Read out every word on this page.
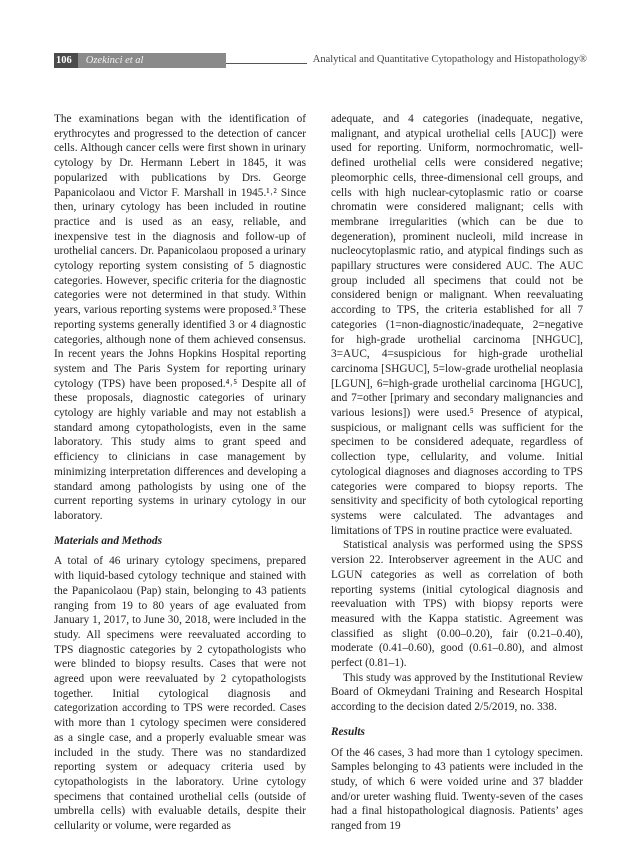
106	Ozekinci et al	Analytical and Quantitative Cytopathology and Histopathology®

The examinations began with the identification of erythrocytes and progressed to the detection of cancer cells. Although cancer cells were first shown in urinary cytology by Dr. Hermann Lebert in 1845, it was popularized with publications by Drs. George Papanicolaou and Victor F. Marshall in 1945.¹˒² Since then, urinary cytology has been included in routine practice and is used as an easy, reliable, and inexpensive test in the diagnosis and follow-up of urothelial cancers. Dr. Papanicolaou proposed a urinary cytology reporting system consisting of 5 diagnostic categories. However, specific criteria for the diagnostic categories were not determined in that study. Within years, various reporting systems were proposed.³ These reporting systems generally identified 3 or 4 diagnostic categories, although none of them achieved consensus. In recent years the Johns Hopkins Hospital reporting system and The Paris System for reporting urinary cytology (TPS) have been proposed.⁴˒⁵ Despite all of these proposals, diagnostic categories of urinary cytology are highly variable and may not establish a standard among cytopathologists, even in the same laboratory. This study aims to grant speed and efficiency to clinicians in case management by minimizing interpretation differences and developing a standard among pathologists by using one of the current reporting systems in urinary cytology in our laboratory.

Materials and Methods

A total of 46 urinary cytology specimens, prepared with liquid-based cytology technique and stained with the Papanicolaou (Pap) stain, belonging to 43 patients ranging from 19 to 80 years of age evaluated from January 1, 2017, to June 30, 2018, were included in the study. All specimens were reevaluated according to TPS diagnostic categories by 2 cytopathologists who were blinded to biopsy results. Cases that were not agreed upon were reevaluated by 2 cytopathologists together. Initial cytological diagnosis and categorization according to TPS were recorded. Cases with more than 1 cytology specimen were considered as a single case, and a properly evaluable smear was included in the study. There was no standardized reporting system or adequacy criteria used by cytopathologists in the laboratory. Urine cytology specimens that contained urothelial cells (outside of umbrella cells) with evaluable details, despite their cellularity or volume, were regarded as

adequate, and 4 categories (inadequate, negative, malignant, and atypical urothelial cells [AUC]) were used for reporting. Uniform, normochromatic, well-defined urothelial cells were considered negative; pleomorphic cells, three-dimensional cell groups, and cells with high nuclear-cytoplasmic ratio or coarse chromatin were considered malignant; cells with membrane irregularities (which can be due to degeneration), prominent nucleoli, mild increase in nucleocytoplasmic ratio, and atypical findings such as papillary structures were considered AUC. The AUC group included all specimens that could not be considered benign or malignant. When reevaluating according to TPS, the criteria established for all 7 categories (1=non-diagnostic/inadequate, 2=negative for high-grade urothelial carcinoma [NHGUC], 3=AUC, 4=suspicious for high-grade urothelial carcinoma [SHGUC], 5=low-grade urothelial neoplasia [LGUN], 6=high-grade urothelial carcinoma [HGUC], and 7=other [primary and secondary malignancies and various lesions]) were used.⁵ Presence of atypical, suspicious, or malignant cells was sufficient for the specimen to be considered adequate, regardless of collection type, cellularity, and volume. Initial cytological diagnoses and diagnoses according to TPS categories were compared to biopsy reports. The sensitivity and specificity of both cytological reporting systems were calculated. The advantages and limitations of TPS in routine practice were evaluated.

Statistical analysis was performed using the SPSS version 22. Interobserver agreement in the AUC and LGUN categories as well as correlation of both reporting systems (initial cytological diagnosis and reevaluation with TPS) with biopsy reports were measured with the Kappa statistic. Agreement was classified as slight (0.00–0.20), fair (0.21–0.40), moderate (0.41–0.60), good (0.61–0.80), and almost perfect (0.81–1).

This study was approved by the Institutional Review Board of Okmeydani Training and Research Hospital according to the decision dated 2/5/2019, no. 338.

Results

Of the 46 cases, 3 had more than 1 cytology specimen. Samples belonging to 43 patients were included in the study, of which 6 were voided urine and 37 bladder and/or ureter washing fluid. Twenty-seven of the cases had a final histopathological diagnosis. Patients’ ages ranged from 19
